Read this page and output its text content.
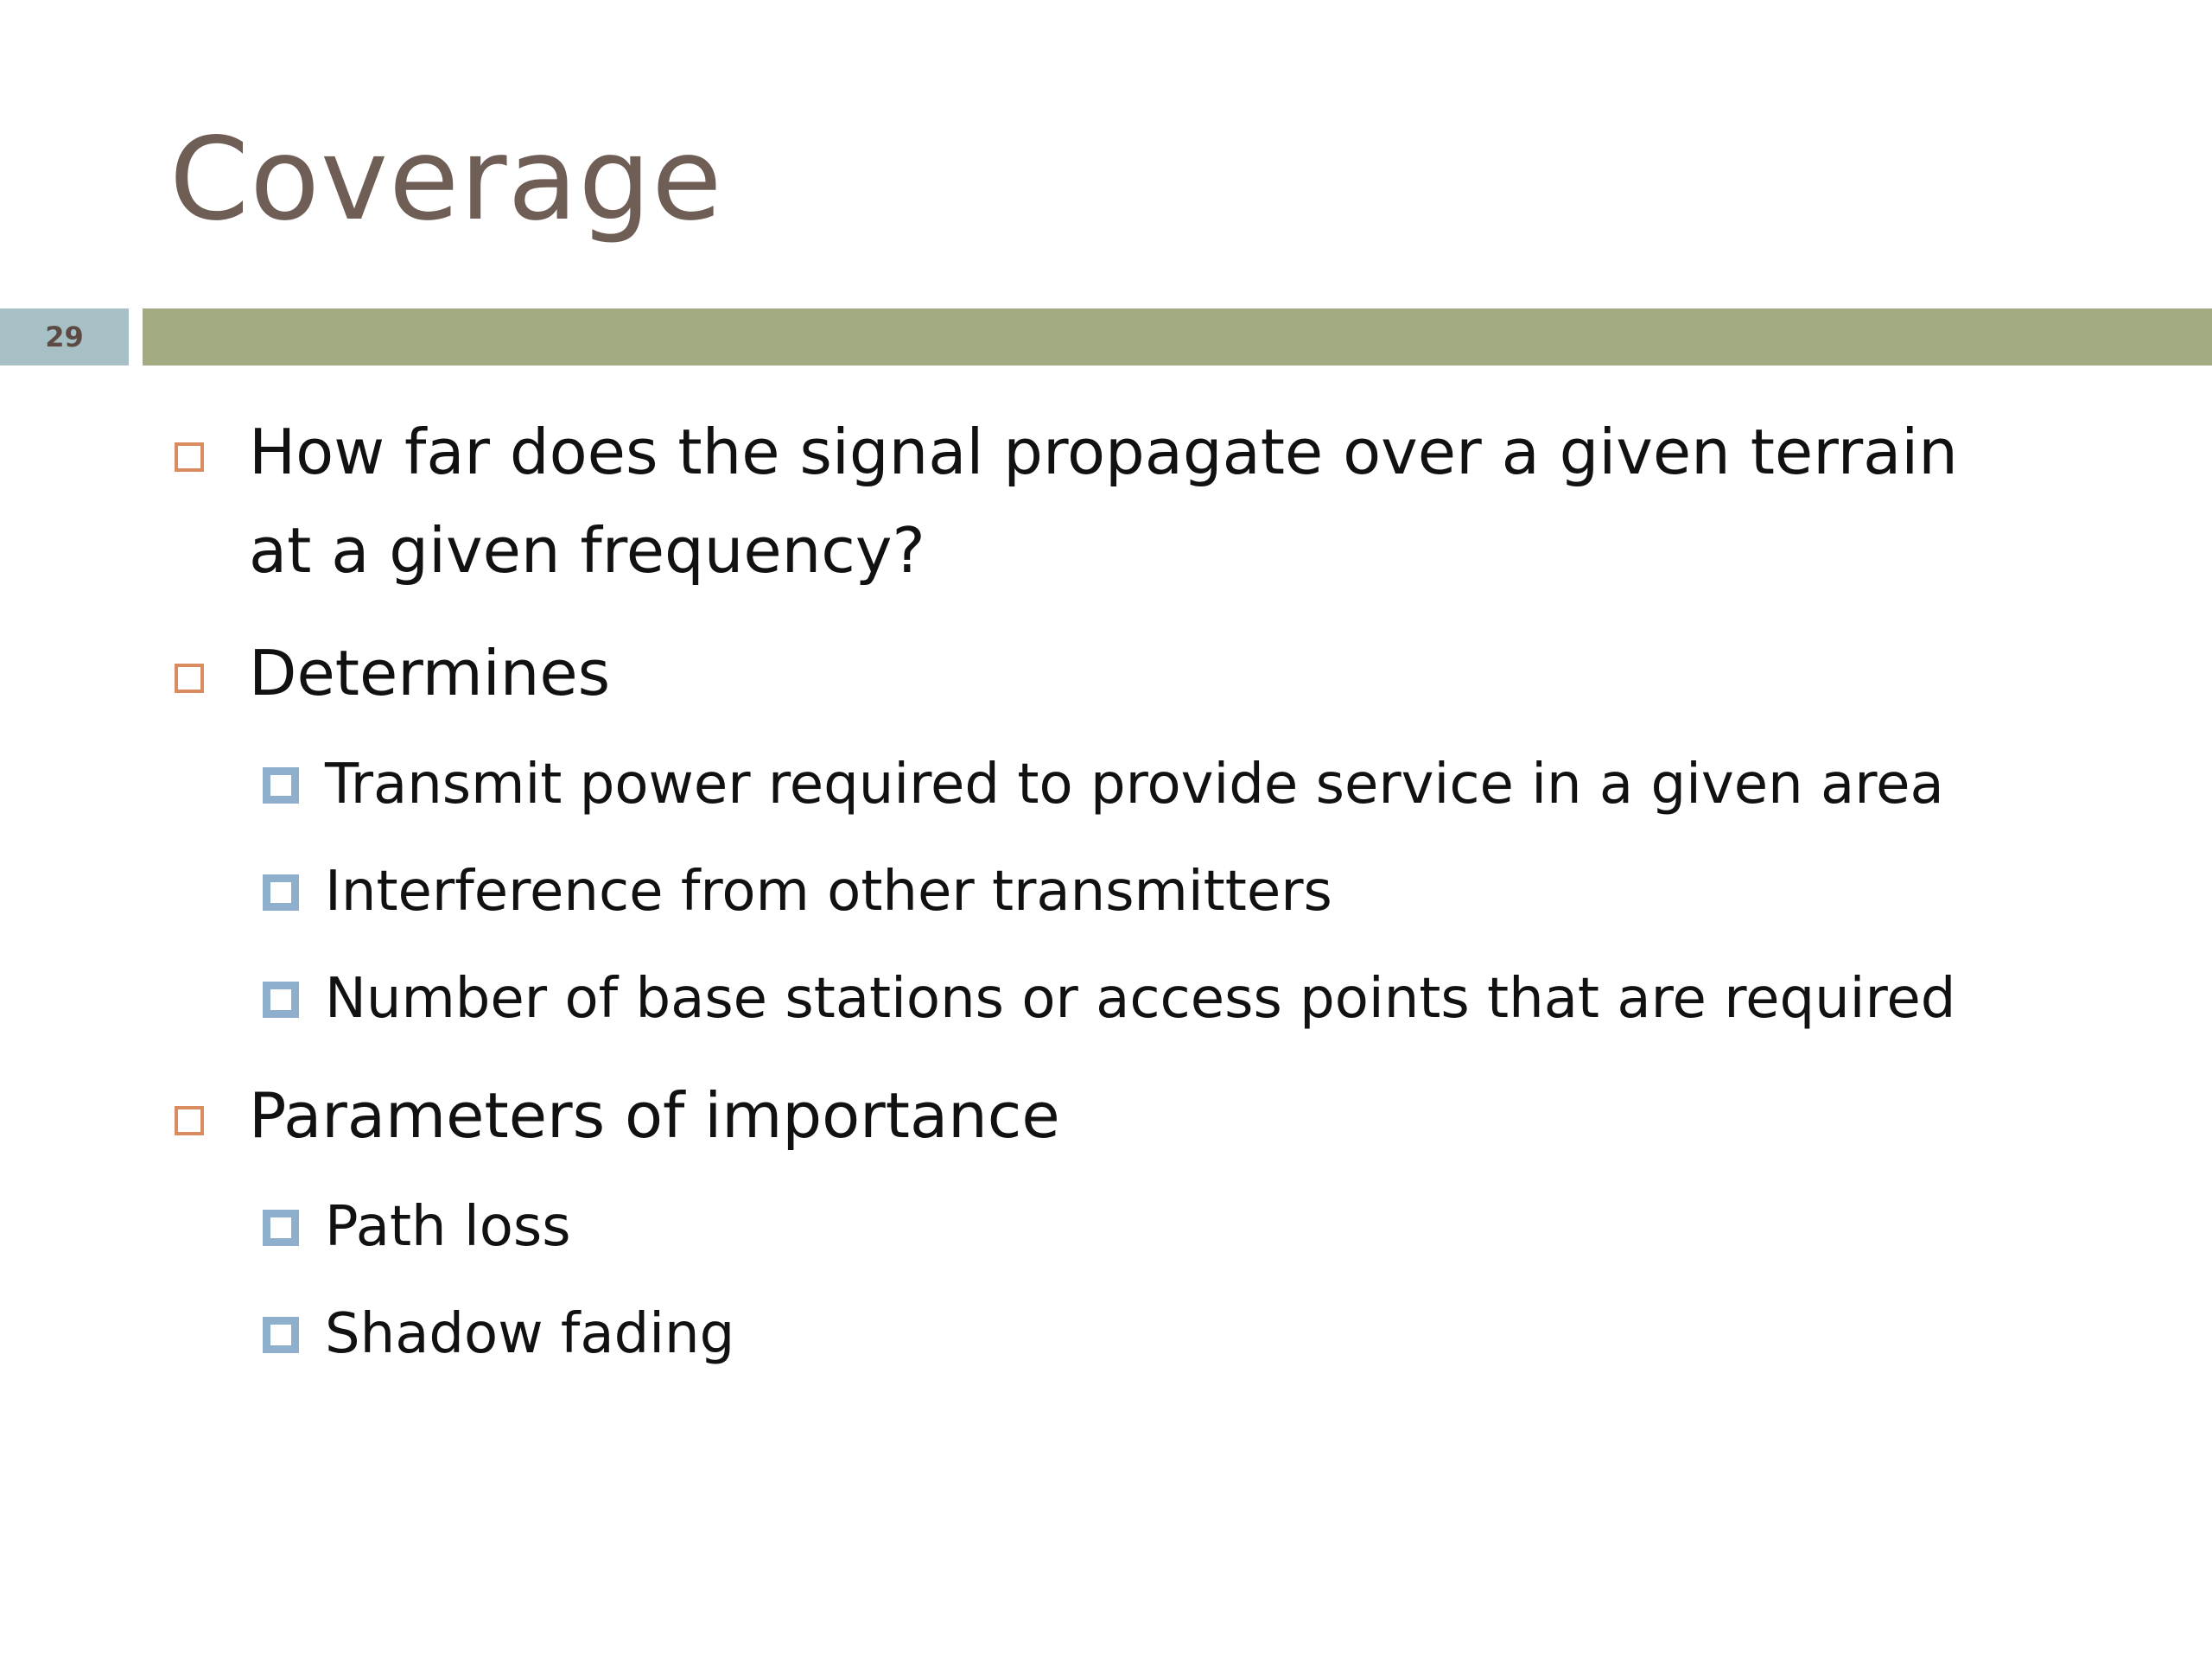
Coverage
29
How far does the signal propagate over a given terrain
at a given frequency?
Determines
Transmit power required to provide service in a given area
Interference from other transmitters
Number of base stations or access points that are required
Parameters of importance
Path loss
Shadow fading
